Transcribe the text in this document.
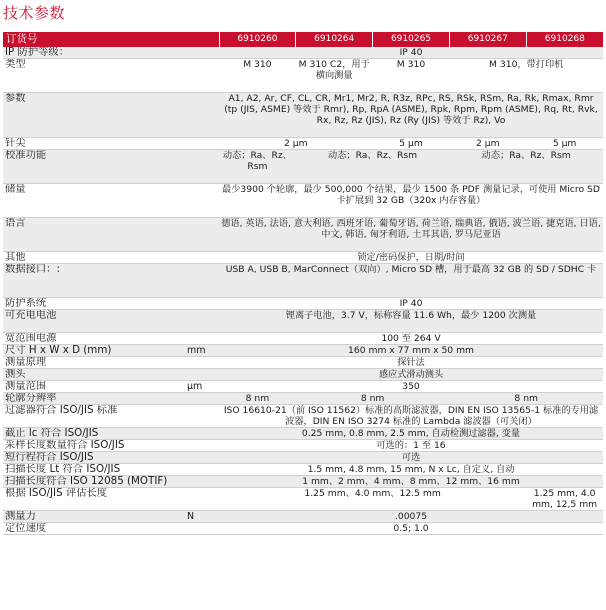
技术参数
订货号		6910260	6910264	6910265	6910267	6910268
IP 防护等级：		IP 40				
类型		M 310	M 310 C2，用于横向测量	M 310	M 310，带打印机	
参数		A1, A2, Ar, CF, CL, CR, Mr1, Mr2, R, R3z, RPc, RS, RSk, RSm, Ra, Rk, Rmax, Rmr (tp (JIS, ASME) 等效于 Rmr), Rp, RpA (ASME), Rpk, Rpm, Rpm (ASME), Rq, Rt, Rvk, Rx, Rz, Rz (JIS), Rz (Ry (JIS) 等效于 Rz), Vo				
针尖		2 µm		5 µm	2 µm	5 µm
校准功能		动态；Ra、Rz、Rsm	动态；Ra、Rz、Rsm		动态；Ra、Rz、Rsm	
储量		最少3900 个轮廓，最少 500,000 个结果，最少 1500 条 PDF 测量记录，可使用 Micro SD 卡扩展到 32 GB（320x 内存容量）				
语言		德语, 英语, 法语, 意大利语, 西班牙语, 葡萄牙语, 荷兰语, 瑞典语, 俄语, 波兰语, 捷克语, 日语, 中文, 韩语, 匈牙利语, 土耳其语, 罗马尼亚语				
其他		锁定/密码保护，日期/时间				
数据接口：:		USB A, USB B, MarConnect（双向）, Micro SD 槽，用于最高 32 GB 的 SD / SDHC 卡				
防护系统		IP 40				
可充电电池		锂离子电池，3.7 V，标称容量 11.6 Wh，最少 1200 次测量				
宽范围电源		100 至 264 V				
尺寸 H x W x D (mm)	mm	160 mm x 77 mm x 50 mm				
测量原理		探针法				
测头		感应式滑动测头				
测量范围	µm	350				
轮廓分辨率		8 nm	8 nm		8 nm	
过滤器符合 ISO/JIS 标准		ISO 16610-21（前 ISO 11562）标准的高斯滤波器，DIN EN ISO 13565-1 标准的专用滤波器，DIN EN ISO 3274 标准的 Lambda 滤波器（可关闭）				
截止 lc 符合 ISO/JIS		0.25 mm, 0.8 mm, 2.5 mm, 自动检测过滤器, 变量				
采样长度数量符合 ISO/JIS		可选的：1 至 16				
短行程符合 ISO/JIS		可选				
扫描长度 Lt 符合 ISO/JIS		1.5 mm, 4.8 mm, 15 mm, N x Lc, 自定义, 自动				
扫描长度符合 ISO 12085 (MOTIF)		1 mm、2 mm、4 mm、8 mm、12 mm、16 mm				
根据 ISO/JIS 评估长度		1.25 mm、4.0 mm、12.5 mm				1.25 mm, 4.0 mm, 12,5 mm
测量力	N	.00075				
定位速度		0.5; 1.0				
